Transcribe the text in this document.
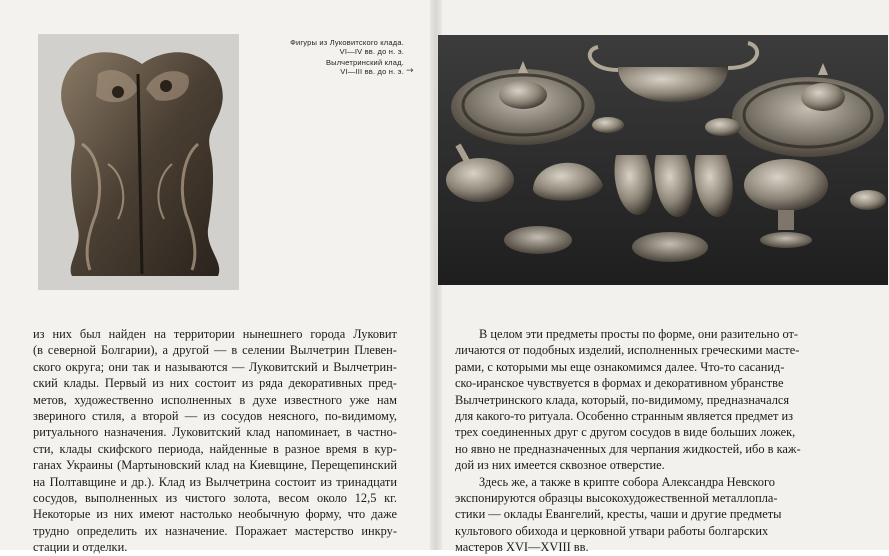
Фигуры из Луковитского клада.
VI—IV вв. до н. э.
Вылчетринский клад.
VI—III вв. до н. э. →
из них был найден на территории нынешнего города Луковит
(в северной Болгарии), а другой — в селении Вылчетрин Плевен-
ского округа; они так и называются — Луковитский и Вылчетрин-
ский клады. Первый из них состоит из ряда декоративных пред-
метов, художественно исполненных в духе известного уже нам
звериного стиля, а второй — из сосудов неясного, по-видимому,
ритуального назначения. Луковитский клад напоминает, в частно-
сти, клады скифского периода, найденные в разное время в кур-
ганах Украины (Мартыновский клад на Киевщине, Перещепинский
на Полтавщине и др.). Клад из Вылчетрина состоит из тринадцати
сосудов, выполненных из чистого золота, весом около 12,5 кг.
Некоторые из них имеют настолько необычную форму, что даже
трудно определить их назначение. Поражает мастерство инкру-
стации и отделки.
В целом эти предметы просты по форме, они разительно от-
личаются от подобных изделий, исполненных греческими масте-
рами, с которыми мы еще ознакомимся далее. Что-то сасанид-
ско-иранское чувствуется в формах и декоративном убранстве
Вылчетринского клада, который, по-видимому, предназначался
для какого-то ритуала. Особенно странным является предмет из
трех соединенных друг с другом сосудов в виде больших ложек,
но явно не предназначенных для черпания жидкостей, ибо в каж-
дой из них имеется сквозное отверстие.
Здесь же, а также в крипте собора Александра Невского
экспонируются образцы высокохудожественной металлопла-
стики — оклады Евангелий, кресты, чаши и другие предметы
культового обихода и церковной утвари работы болгарских
мастеров XVI—XVIII вв.
